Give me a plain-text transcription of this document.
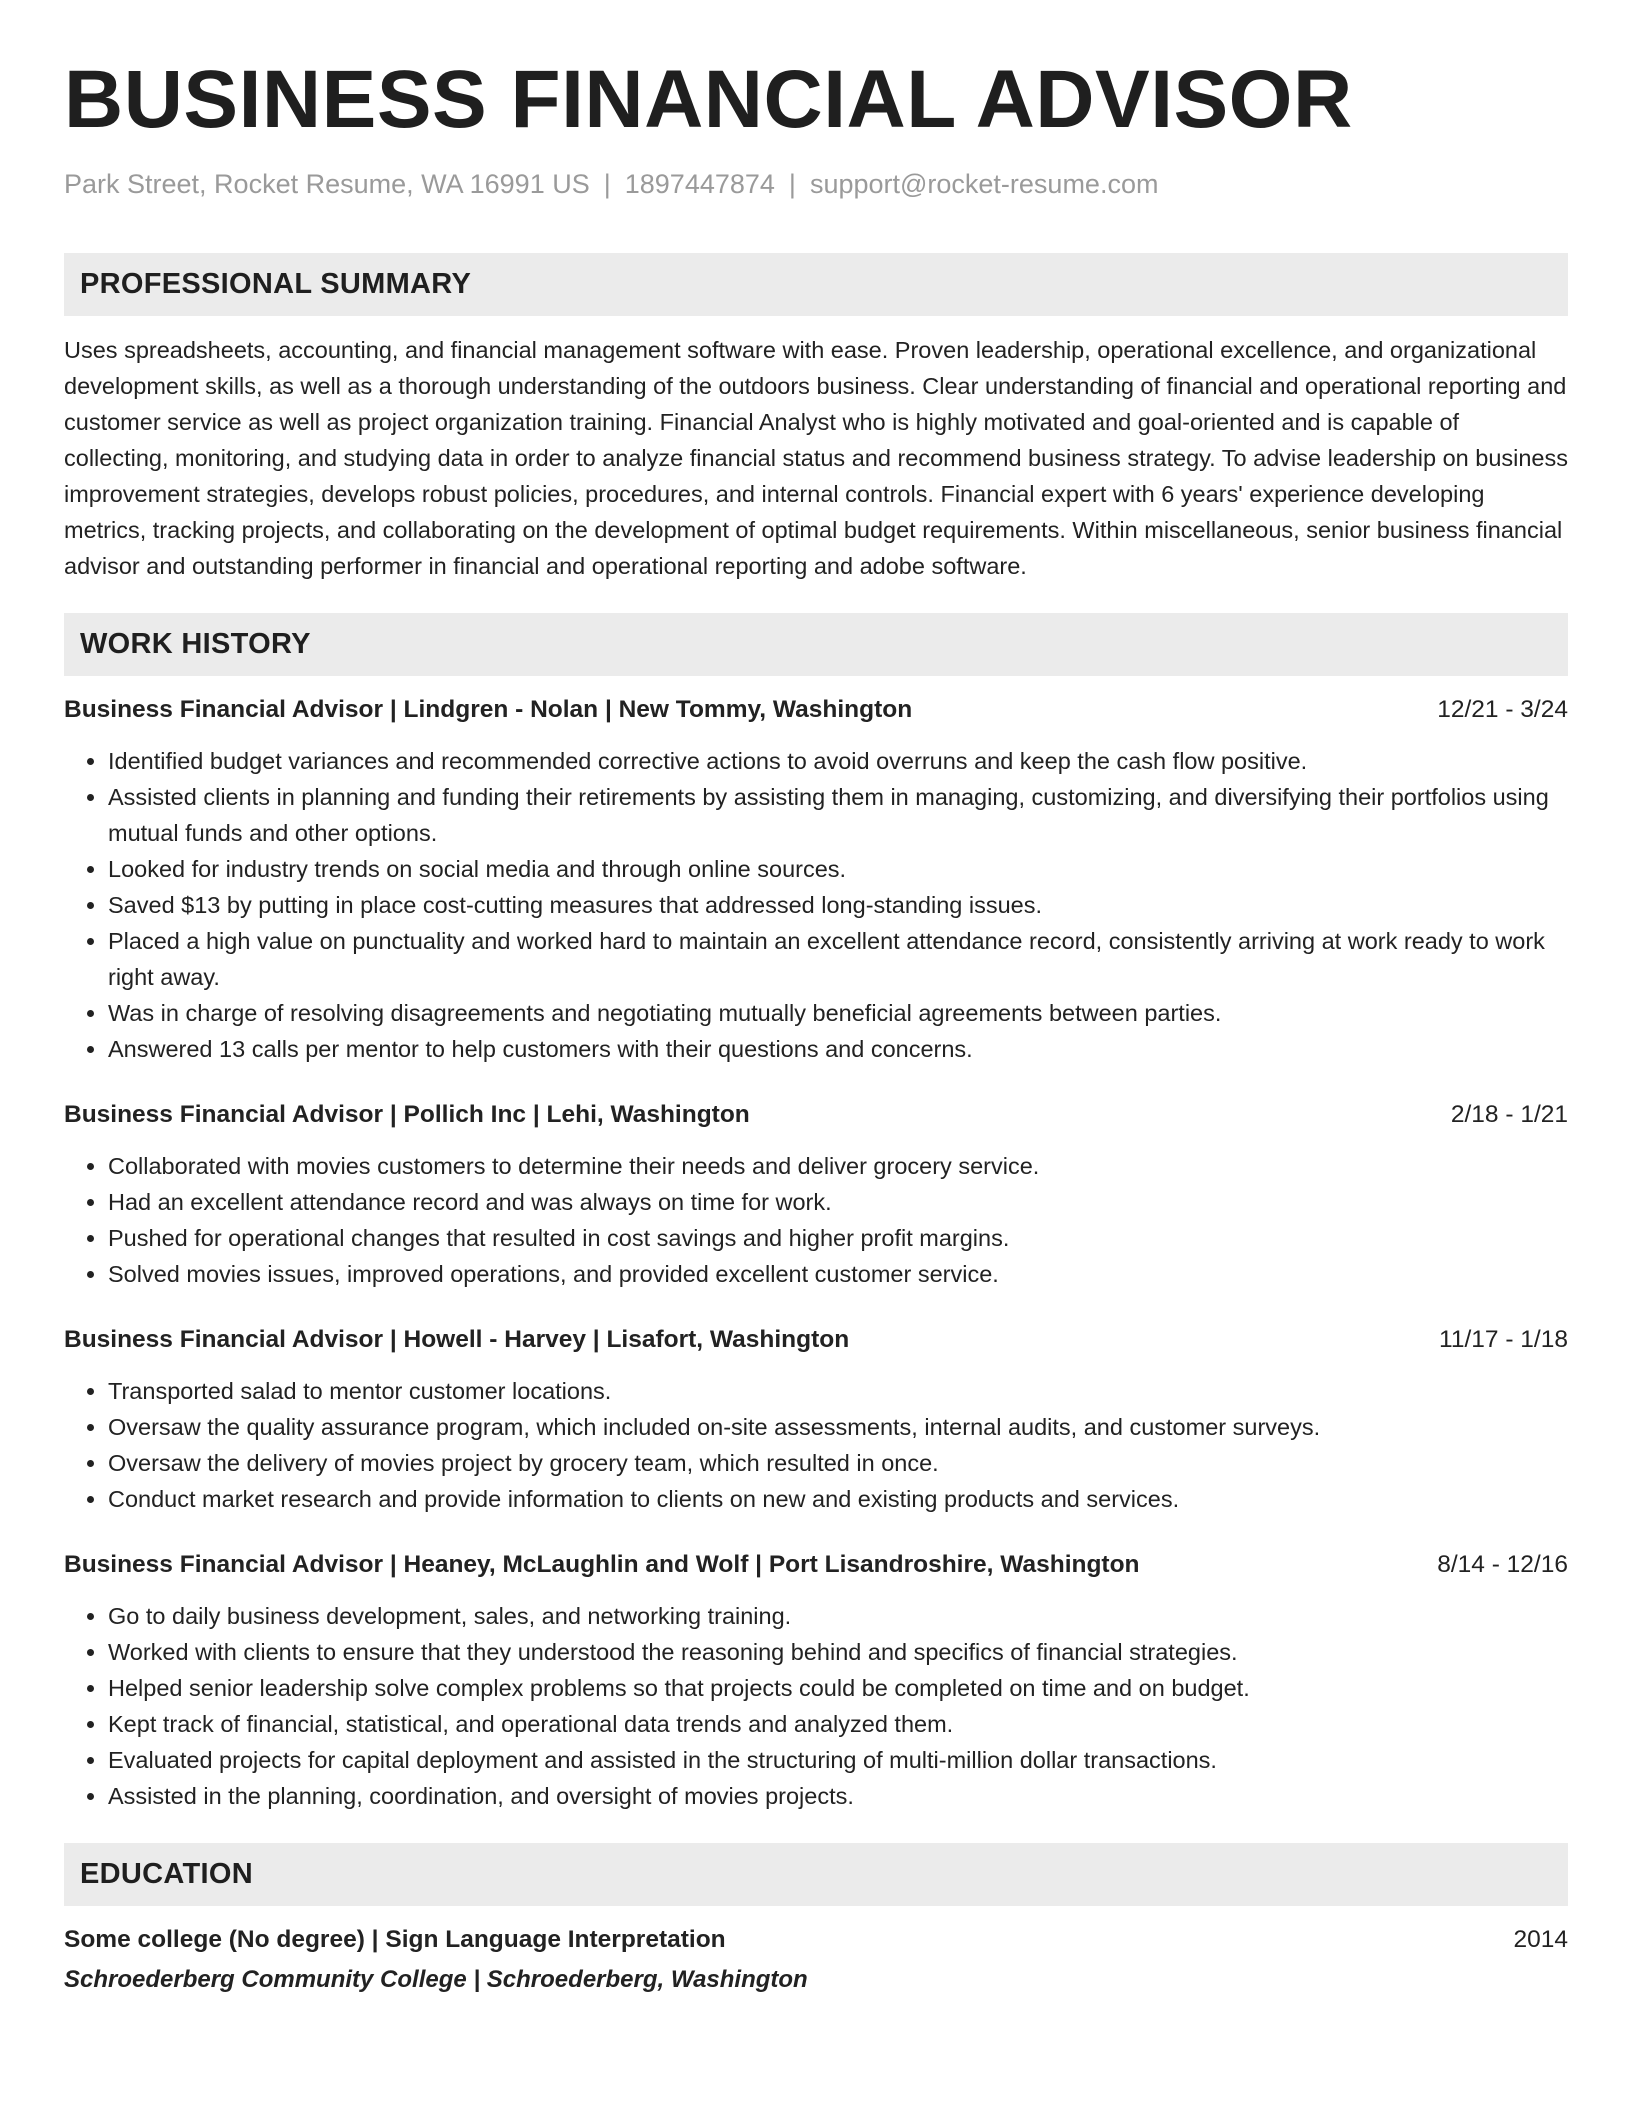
BUSINESS FINANCIAL ADVISOR
Park Street, Rocket Resume, WA 16991 US | 1897447874 | support@rocket-resume.com
PROFESSIONAL SUMMARY

Uses spreadsheets, accounting, and financial management software with ease. Proven leadership, operational excellence, and organizational development skills, as well as a thorough understanding of the outdoors business. Clear understanding of financial and operational reporting and customer service as well as project organization training. Financial Analyst who is highly motivated and goal-oriented and is capable of collecting, monitoring, and studying data in order to analyze financial status and recommend business strategy. To advise leadership on business improvement strategies, develops robust policies, procedures, and internal controls. Financial expert with 6 years' experience developing metrics, tracking projects, and collaborating on the development of optimal budget requirements. Within miscellaneous, senior business financial advisor and outstanding performer in financial and operational reporting and adobe software.

WORK HISTORY
Business Financial Advisor | Lindgren - Nolan | New Tommy, Washington	12/21 - 3/24
• Identified budget variances and recommended corrective actions to avoid overruns and keep the cash flow positive.
• Assisted clients in planning and funding their retirements by assisting them in managing, customizing, and diversifying their portfolios using mutual funds and other options.
• Looked for industry trends on social media and through online sources.
• Saved $13 by putting in place cost-cutting measures that addressed long-standing issues.
• Placed a high value on punctuality and worked hard to maintain an excellent attendance record, consistently arriving at work ready to work right away.
• Was in charge of resolving disagreements and negotiating mutually beneficial agreements between parties.
• Answered 13 calls per mentor to help customers with their questions and concerns.
Business Financial Advisor | Pollich Inc | Lehi, Washington	2/18 - 1/21
• Collaborated with movies customers to determine their needs and deliver grocery service.
• Had an excellent attendance record and was always on time for work.
• Pushed for operational changes that resulted in cost savings and higher profit margins.
• Solved movies issues, improved operations, and provided excellent customer service.
Business Financial Advisor | Howell - Harvey | Lisafort, Washington	11/17 - 1/18
• Transported salad to mentor customer locations.
• Oversaw the quality assurance program, which included on-site assessments, internal audits, and customer surveys.
• Oversaw the delivery of movies project by grocery team, which resulted in once.
• Conduct market research and provide information to clients on new and existing products and services.
Business Financial Advisor | Heaney, McLaughlin and Wolf | Port Lisandroshire, Washington	8/14 - 12/16
• Go to daily business development, sales, and networking training.
• Worked with clients to ensure that they understood the reasoning behind and specifics of financial strategies.
• Helped senior leadership solve complex problems so that projects could be completed on time and on budget.
• Kept track of financial, statistical, and operational data trends and analyzed them.
• Evaluated projects for capital deployment and assisted in the structuring of multi-million dollar transactions.
• Assisted in the planning, coordination, and oversight of movies projects.
EDUCATION
Some college (No degree) | Sign Language Interpretation	2014
Schroederberg Community College | Schroederberg, Washington
